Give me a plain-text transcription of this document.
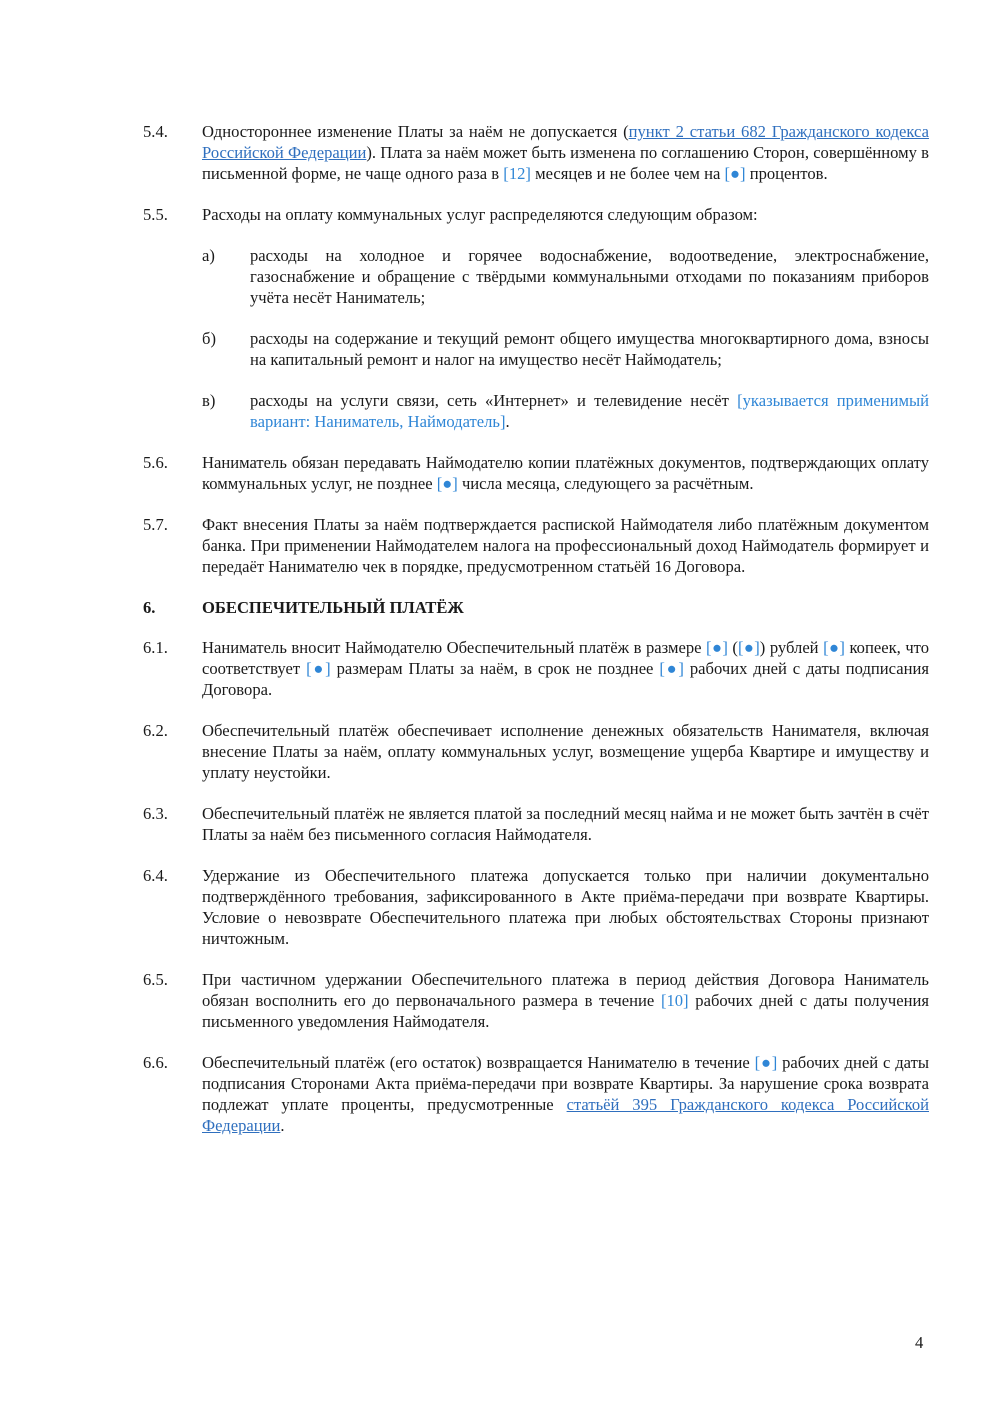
5.4.	Одностороннее изменение Платы за наём не допускается (пункт 2 статьи 682 Гражданского кодекса Российской Федерации). Плата за наём может быть изменена по соглашению Сторон, совершённому в письменной форме, не чаще одного раза в [12] месяцев и не более чем на [●] процентов.
5.5.	Расходы на оплату коммунальных услуг распределяются следующим образом:
а)	расходы на холодное и горячее водоснабжение, водоотведение, электроснабжение, газоснабжение и обращение с твёрдыми коммунальными отходами по показаниям приборов учёта несёт Наниматель;
б)	расходы на содержание и текущий ремонт общего имущества многоквартирного дома, взносы на капитальный ремонт и налог на имущество несёт Наймодатель;
в)	расходы на услуги связи, сеть «Интернет» и телевидение несёт [указывается применимый вариант: Наниматель, Наймодатель].
5.6.	Наниматель обязан передавать Наймодателю копии платёжных документов, подтверждающих оплату коммунальных услуг, не позднее [●] числа месяца, следующего за расчётным.
5.7.	Факт внесения Платы за наём подтверждается распиской Наймодателя либо платёжным документом банка. При применении Наймодателем налога на профессиональный доход Наймодатель формирует и передаёт Нанимателю чек в порядке, предусмотренном статьёй 16 Договора.
6.	ОБЕСПЕЧИТЕЛЬНЫЙ ПЛАТЁЖ
6.1.	Наниматель вносит Наймодателю Обеспечительный платёж в размере [●] ([●]) рублей [●] копеек, что соответствует [●] размерам Платы за наём, в срок не позднее [●] рабочих дней с даты подписания Договора.
6.2.	Обеспечительный платёж обеспечивает исполнение денежных обязательств Нанимателя, включая внесение Платы за наём, оплату коммунальных услуг, возмещение ущерба Квартире и имуществу и уплату неустойки.
6.3.	Обеспечительный платёж не является платой за последний месяц найма и не может быть зачтён в счёт Платы за наём без письменного согласия Наймодателя.
6.4.	Удержание из Обеспечительного платежа допускается только при наличии документально подтверждённого требования, зафиксированного в Акте приёма-передачи при возврате Квартиры. Условие о невозврате Обеспечительного платежа при любых обстоятельствах Стороны признают ничтожным.
6.5.	При частичном удержании Обеспечительного платежа в период действия Договора Наниматель обязан восполнить его до первоначального размера в течение [10] рабочих дней с даты получения письменного уведомления Наймодателя.
6.6.	Обеспечительный платёж (его остаток) возвращается Нанимателю в течение [●] рабочих дней с даты подписания Сторонами Акта приёма-передачи при возврате Квартиры. За нарушение срока возврата подлежат уплате проценты, предусмотренные статьёй 395 Гражданского кодекса Российской Федерации.
4
